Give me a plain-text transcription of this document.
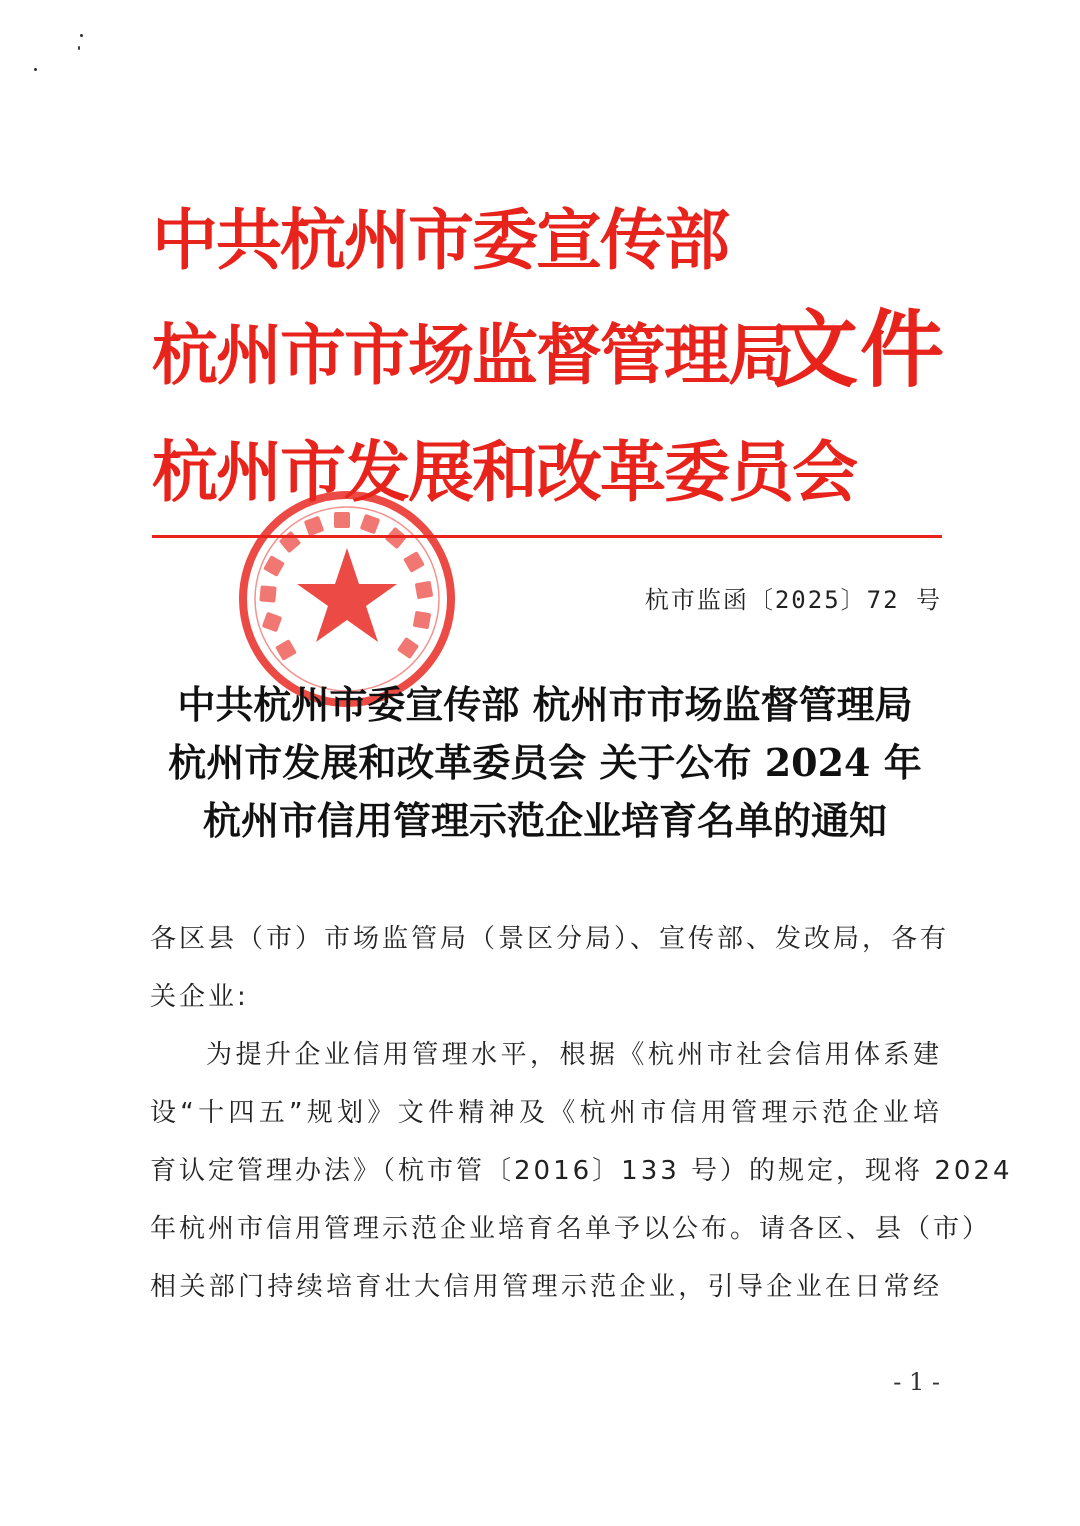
中共杭州市委宣传部
杭州市市场监督管理局
杭州市发展和改革委员会
文件
杭市监函〔2025〕72 号
中共杭州市委宣传部 杭州市市场监督管理局
杭州市发展和改革委员会 关于公布 2024 年
杭州市信用管理示范企业培育名单的通知
各区县（市）市场监管局（景区分局）、宣传部、发改局，各有
关企业:
为提升企业信用管理水平，根据《杭州市社会信用体系建
设“十四五”规划》文件精神及《杭州市信用管理示范企业培
育认定管理办法》（杭市管〔2016〕133 号）的规定，现将 2024
年杭州市信用管理示范企业培育名单予以公布。请各区、县（市）
相关部门持续培育壮大信用管理示范企业，引导企业在日常经
- 1 -
